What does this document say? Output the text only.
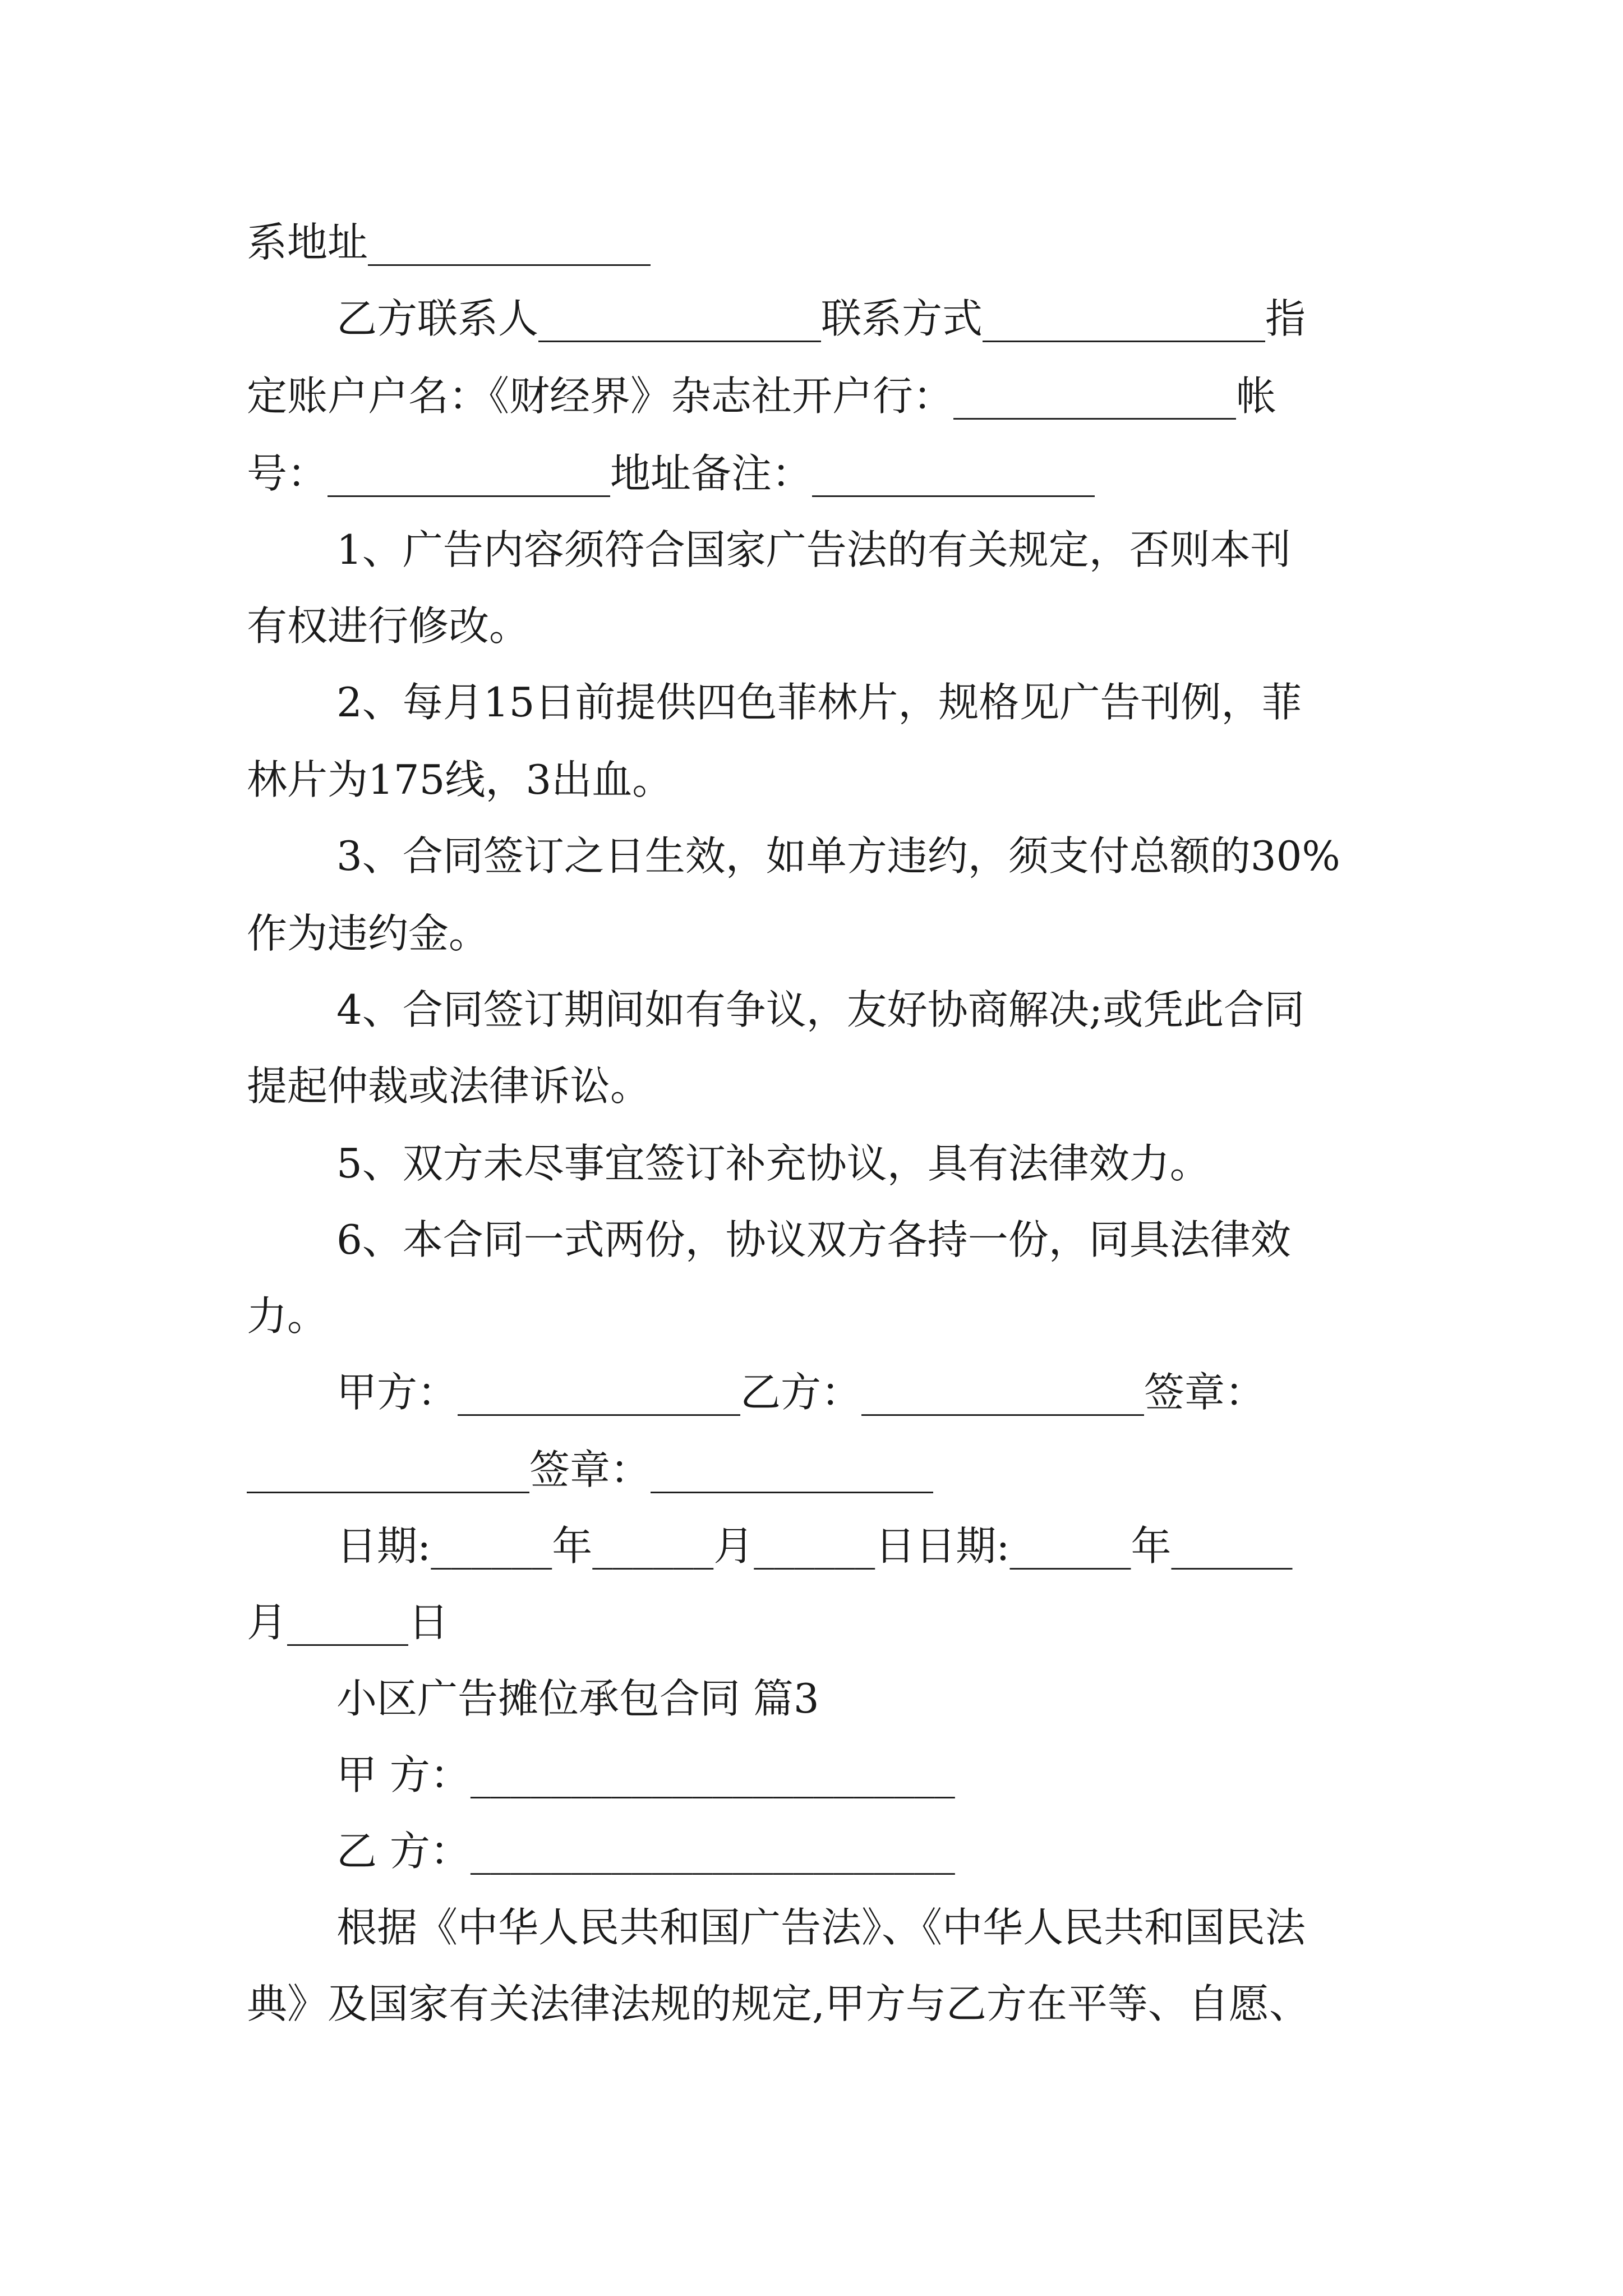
系地址______________

乙方联系人______________联系方式______________指

定账户户名：《财经界》杂志社开户行：______________帐

号：______________地址备注：______________

1、广告内容须符合国家广告法的有关规定，否则本刊

有权进行修改。

2、每月15日前提供四色菲林片，规格见广告刊例，菲

林片为175线，3出血。

3、合同签订之日生效，如单方违约，须支付总额的30%

作为违约金。

4、合同签订期间如有争议，友好协商解决;或凭此合同

提起仲裁或法律诉讼。

5、双方未尽事宜签订补充协议，具有法律效力。

6、本合同一式两份，协议双方各持一份，同具法律效

力。

甲方：______________乙方：______________签章：

______________签章：______________

日期:______年______月______日日期:______年______

月______日

小区广告摊位承包合同 篇3

甲 方：________________________

乙 方：________________________

根据《中华人民共和国广告法》、《中华人民共和国民法

典》及国家有关法律法规的规定,甲方与乙方在平等、自愿、
